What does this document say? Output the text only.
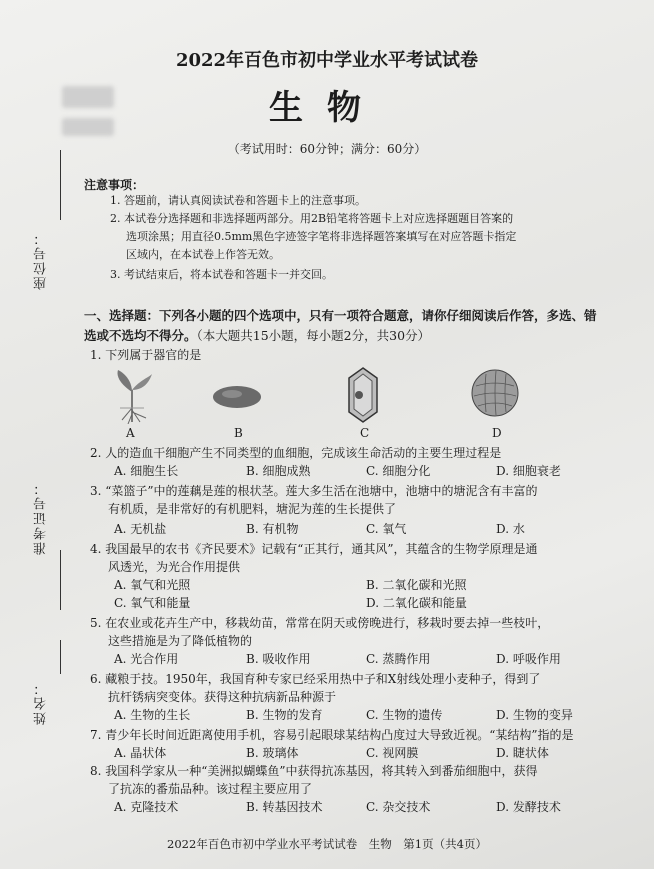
2022年百色市初中学业水平考试试卷
生物
（考试用时：60分钟；满分：60分）
座位号：
准考证号：
姓名：
注意事项：
1. 答题前，请认真阅读试卷和答题卡上的注意事项。
2. 本试卷分选择题和非选择题两部分。用2B铅笔将答题卡上对应选择题题目答案的
选项涂黑；用直径0.5mm黑色字迹签字笔将非选择题答案填写在对应答题卡指定
区域内，在本试卷上作答无效。
3. 考试结束后，将本试卷和答题卡一并交回。
一、选择题：下列各小题的四个选项中，只有一项符合题意，请你仔细阅读后作答，多选、错选或不选均不得分。（本大题共15小题，每小题2分，共30分）
1. 下列属于器官的是
A	B	C	D
2. 人的造血干细胞产生不同类型的血细胞，完成该生命活动的主要生理过程是
A. 细胞生长	B. 细胞成熟	C. 细胞分化	D. 细胞衰老
3. “菜篮子”中的莲藕是莲的根状茎。莲大多生活在池塘中，池塘中的塘泥含有丰富的
有机质，是非常好的有机肥料，塘泥为莲的生长提供了
A. 无机盐	B. 有机物	C. 氧气	D. 水
4. 我国最早的农书《齐民要术》记载有“正其行，通其风”，其蕴含的生物学原理是通
风透光，为光合作用提供
A. 氧气和光照	B. 二氧化碳和光照
C. 氧气和能量	D. 二氧化碳和能量
5. 在农业或花卉生产中，移栽幼苗，常常在阴天或傍晚进行，移栽时要去掉一些枝叶，
这些措施是为了降低植物的
A. 光合作用	B. 吸收作用	C. 蒸腾作用	D. 呼吸作用
6. 藏粮于技。1950年，我国育种专家已经采用热中子和X射线处理小麦种子，得到了
抗杆锈病突变体。获得这种抗病新品种源于
A. 生物的生长	B. 生物的发育	C. 生物的遗传	D. 生物的变异
7. 青少年长时间近距离使用手机，容易引起眼球某结构凸度过大导致近视。“某结构”指的是
A. 晶状体	B. 玻璃体	C. 视网膜	D. 睫状体
8. 我国科学家从一种“美洲拟蝴蝶鱼”中获得抗冻基因，将其转入到番茄细胞中，获得
了抗冻的番茄品种。该过程主要应用了
A. 克隆技术	B. 转基因技术	C. 杂交技术	D. 发酵技术
2022年百色市初中学业水平考试试卷　生物　第1页（共4页）
